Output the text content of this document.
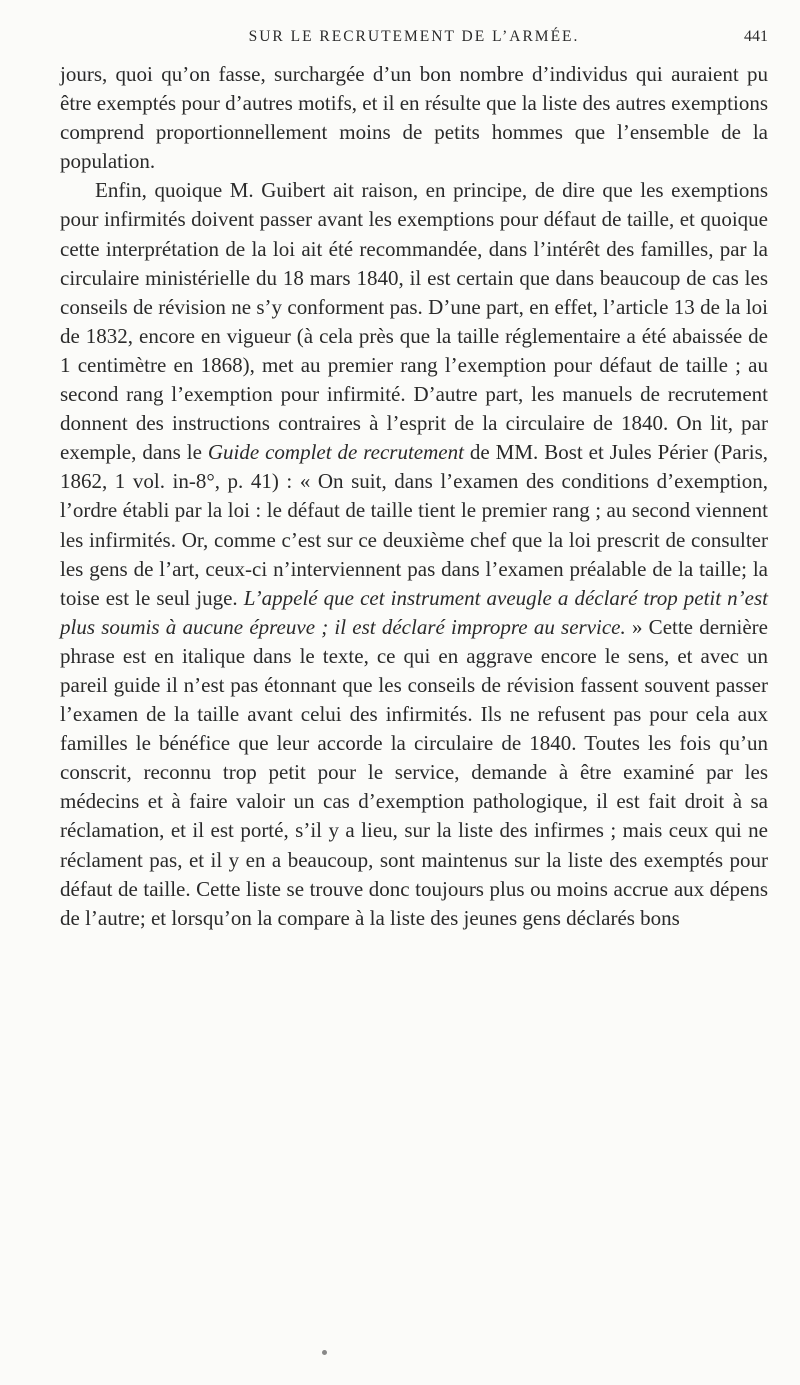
SUR LE RECRUTEMENT DE L’ARMÉE.	441

jours, quoi qu’on fasse, surchargée d’un bon nombre d’individus qui auraient pu être exemptés pour d’autres motifs, et il en résulte que la liste des autres exemptions comprend proportionnellement moins de petits hommes que l’ensemble de la population.

Enfin, quoique M. Guibert ait raison, en principe, de dire que les exemptions pour infirmités doivent passer avant les exemptions pour défaut de taille, et quoique cette interprétation de la loi ait été recommandée, dans l’intérêt des familles, par la circulaire ministérielle du 18 mars 1840, il est certain que dans beaucoup de cas les conseils de révision ne s’y conforment pas. D’une part, en effet, l’article 13 de la loi de 1832, encore en vigueur (à cela près que la taille réglementaire a été abaissée de 1 centimètre en 1868), met au premier rang l’exemption pour défaut de taille ; au second rang l’exemption pour infirmité. D’autre part, les manuels de recrutement donnent des instructions contraires à l’esprit de la circulaire de 1840. On lit, par exemple, dans le Guide complet de recrutement de MM. Bost et Jules Périer (Paris, 1862, 1 vol. in-8°, p. 41) : « On suit, dans l’examen des conditions d’exemption, l’ordre établi par la loi : le défaut de taille tient le premier rang ; au second viennent les infirmités. Or, comme c’est sur ce deuxième chef que la loi prescrit de consulter les gens de l’art, ceux-ci n’interviennent pas dans l’examen préalable de la taille; la toise est le seul juge. L’appelé que cet instrument aveugle a déclaré trop petit n’est plus soumis à aucune épreuve ; il est déclaré impropre au service. » Cette dernière phrase est en italique dans le texte, ce qui en aggrave encore le sens, et avec un pareil guide il n’est pas étonnant que les conseils de révision fassent souvent passer l’examen de la taille avant celui des infirmités. Ils ne refusent pas pour cela aux familles le bénéfice que leur accorde la circulaire de 1840. Toutes les fois qu’un conscrit, reconnu trop petit pour le service, demande à être examiné par les médecins et à faire valoir un cas d’exemption pathologique, il est fait droit à sa réclamation, et il est porté, s’il y a lieu, sur la liste des infirmes ; mais ceux qui ne réclament pas, et il y en a beaucoup, sont maintenus sur la liste des exemptés pour défaut de taille. Cette liste se trouve donc toujours plus ou moins accrue aux dépens de l’autre; et lorsqu’on la compare à la liste des jeunes gens déclarés bons
